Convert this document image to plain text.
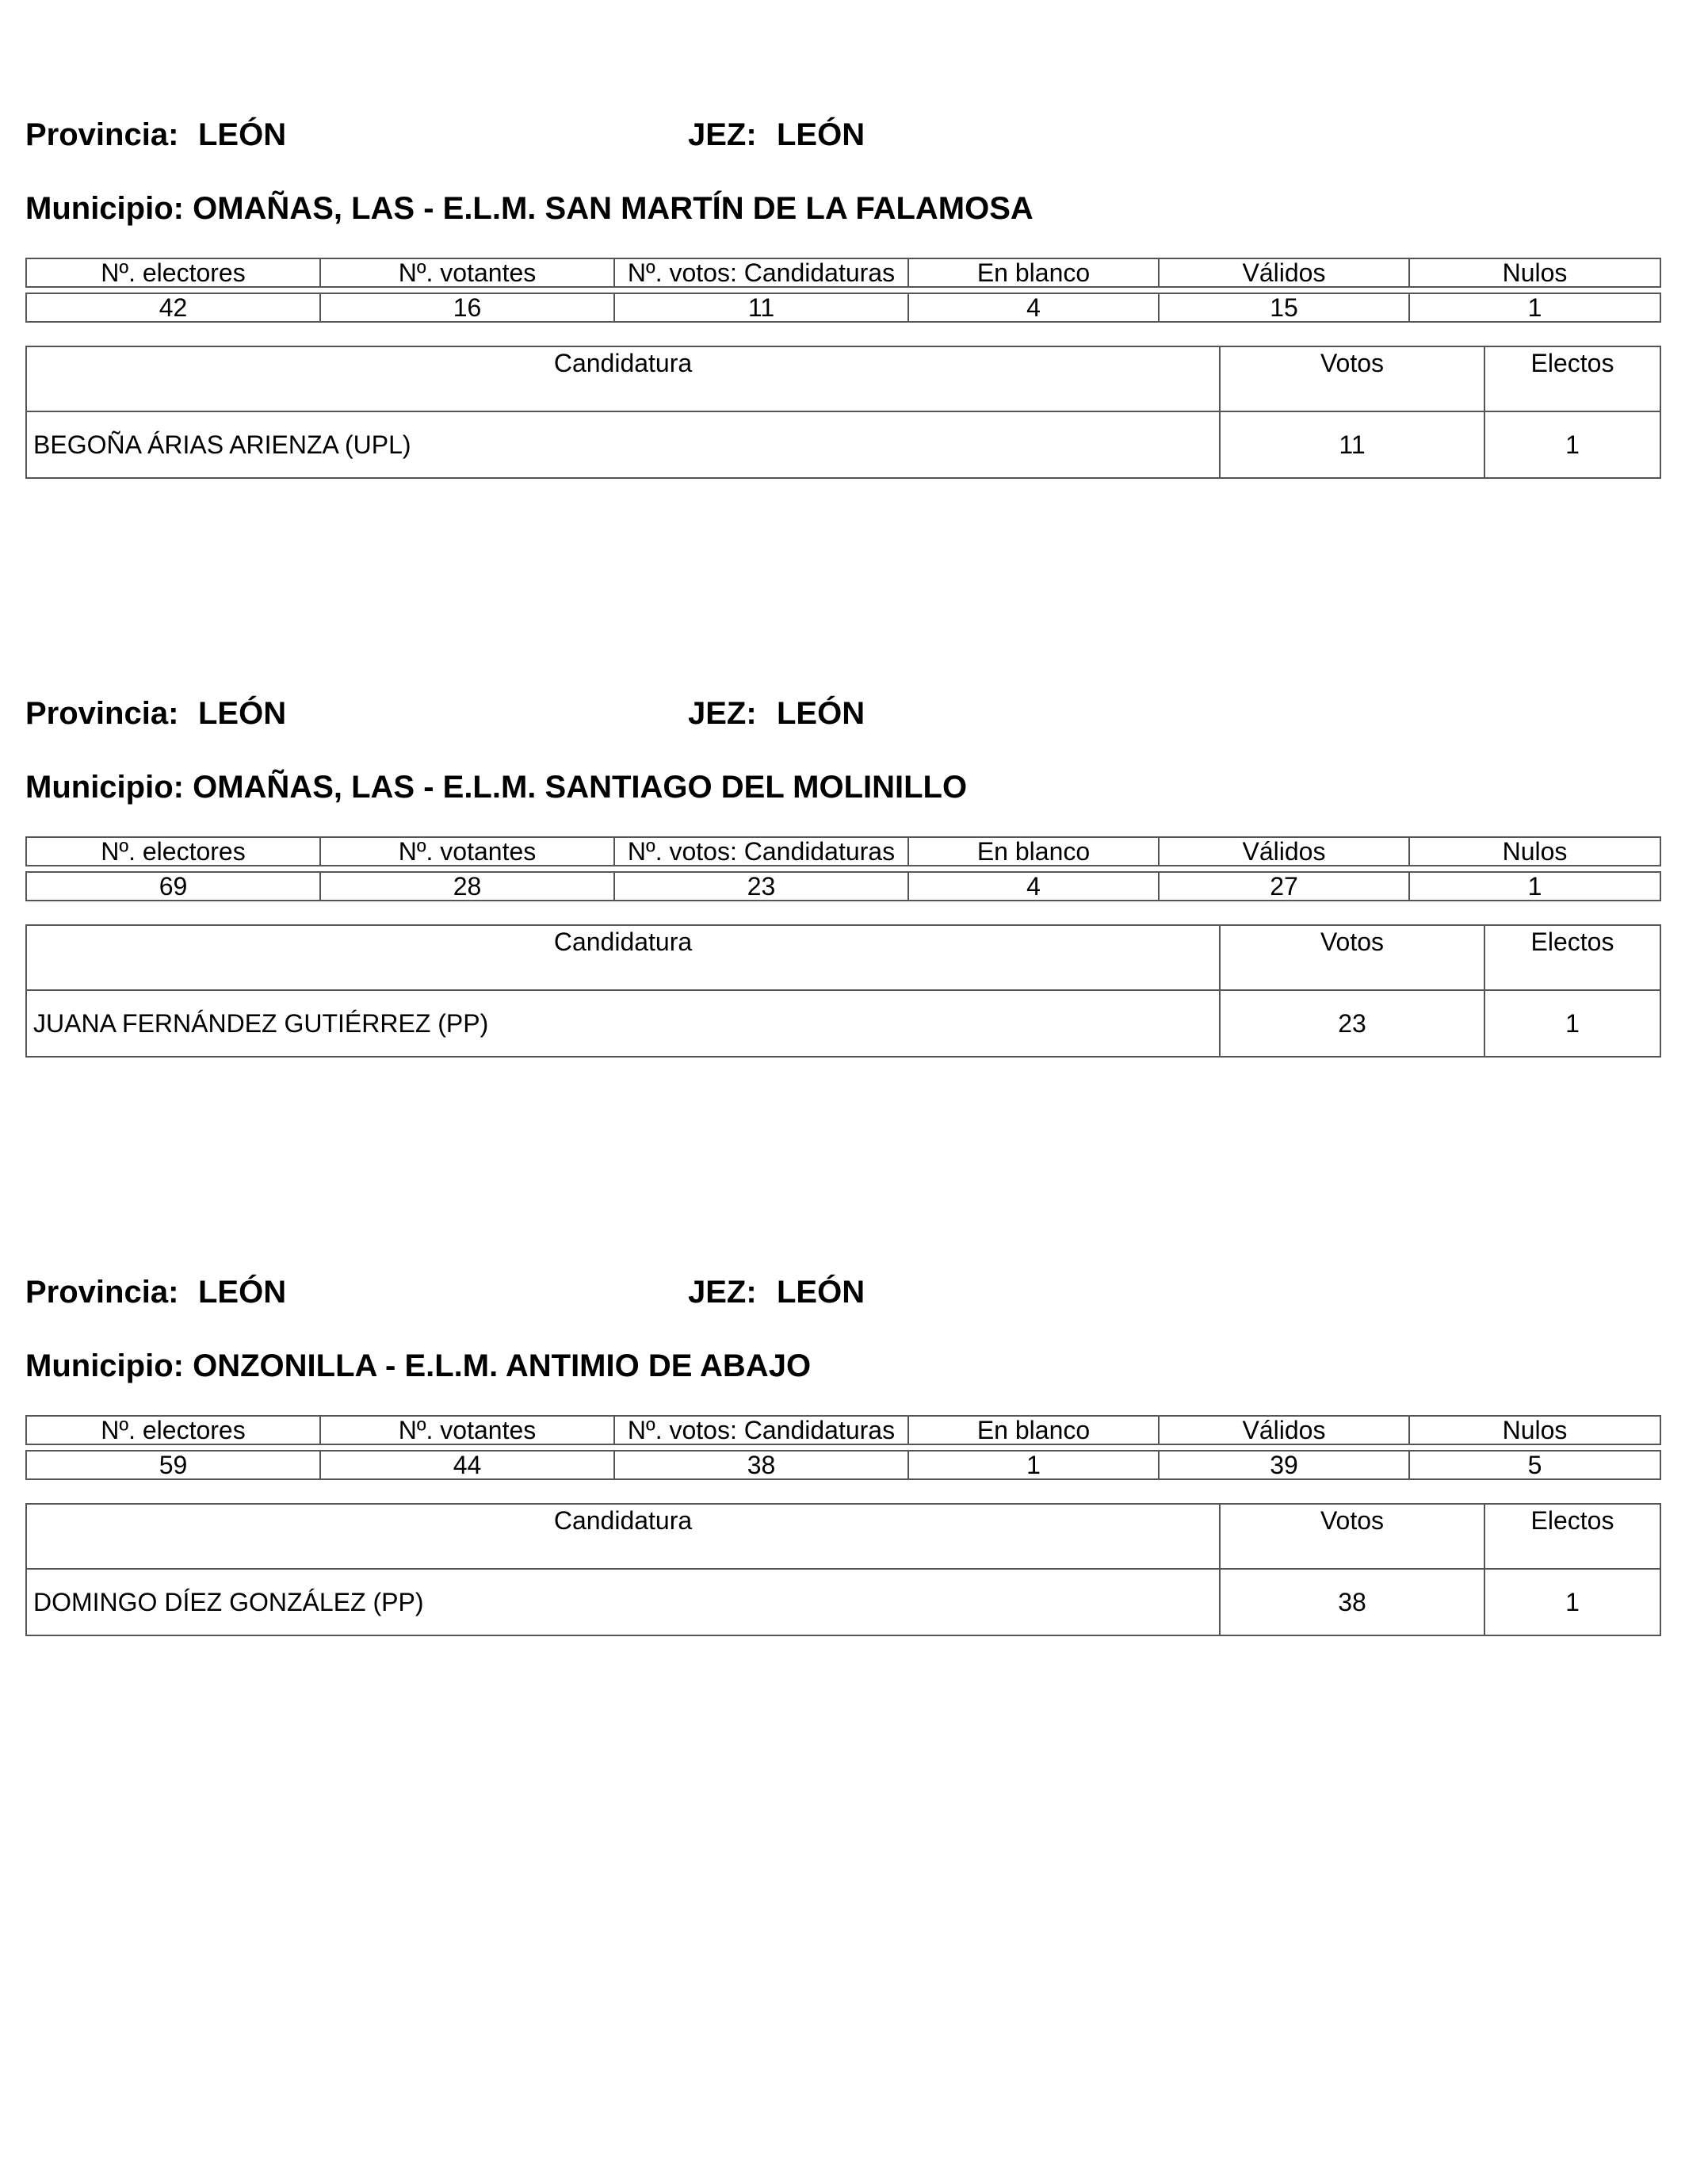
Provincia: LEÓN	JEZ: LEÓN
Municipio: OMAÑAS, LAS - E.L.M. SAN MARTÍN DE LA FALAMOSA
Nº. electores	Nº. votantes	Nº. votos: Candidaturas	En blanco	Válidos	Nulos

42	16	11	4	15	1
Candidatura	Votos	Electos
BEGOÑA ÁRIAS ARIENZA (UPL)	11	1
Provincia: LEÓN	JEZ: LEÓN
Municipio: OMAÑAS, LAS - E.L.M. SANTIAGO DEL MOLINILLO
Nº. electores	Nº. votantes	Nº. votos: Candidaturas	En blanco	Válidos	Nulos

69	28	23	4	27	1
Candidatura	Votos	Electos
JUANA FERNÁNDEZ GUTIÉRREZ (PP)	23	1
Provincia: LEÓN	JEZ: LEÓN
Municipio: ONZONILLA - E.L.M. ANTIMIO DE ABAJO
Nº. electores	Nº. votantes	Nº. votos: Candidaturas	En blanco	Válidos	Nulos

59	44	38	1	39	5
Candidatura	Votos	Electos
DOMINGO DÍEZ GONZÁLEZ (PP)	38	1
